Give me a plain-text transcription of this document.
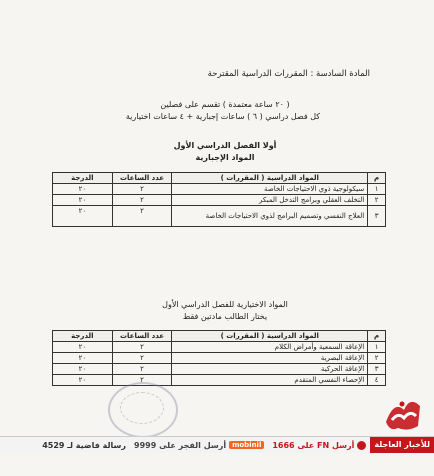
المادة السادسة : المقررات الدراسية المقترحة
( ٢٠ ساعة معتمدة ) تقسم على فصلين
كل فصل دراسي ( ٦ ) ساعات إجبارية + ٤ ساعات اختيارية
أولا الفصل الدراسي الأول
المواد الإجبارية
م	المواد الدراسية ( المقررات )	عدد الساعات	الدرجة
١	سيكولوجية ذوي الاحتياجات الخاصة	٢	٢٠
٢	التخلف العقلي وبرامج التدخل المبكر	٢	٢٠
٣	العلاج النفسي وتصميم البرامج لذوي الاحتياجات الخاصة	٢	٢٠
المواد الاختيارية للفصل الدراسي الأول
يختار الطالب مادتين فقط
م	المواد الدراسية ( المقررات )	عدد الساعات	الدرجة
١	الإعاقة السمعية وأمراض الكلام	٢	٢٠
٢	الإعاقة البصرية	٢	٢٠
٣	الإعاقة الحركية	٢	٢٠
٤	الإحصاء النفسي المتقدم	٢	٢٠
للأخبار العاجلة
أرسل FN على 1666
mobinil
أرسل الفجر على 9999
رسالة فاضية لـ 4529
